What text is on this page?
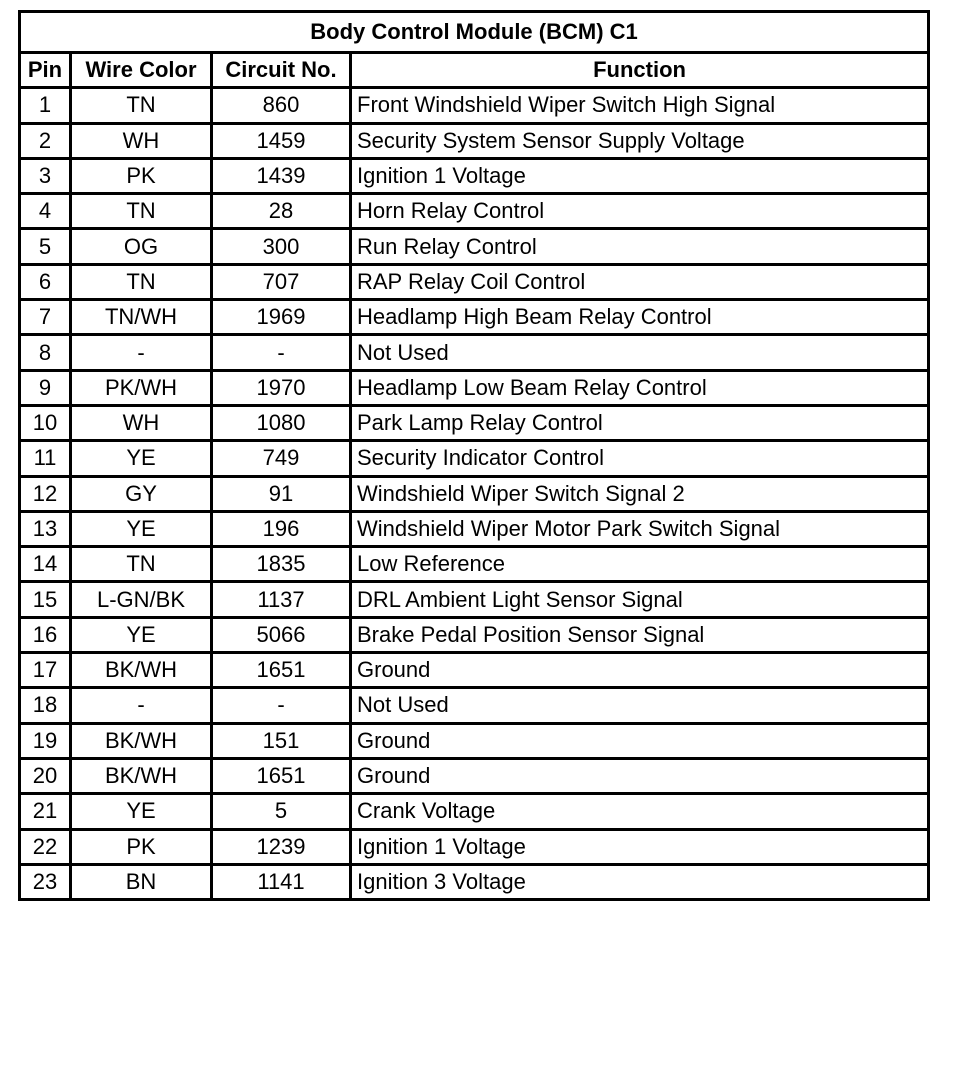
Body Control Module (BCM) C1			
Pin	Wire Color	Circuit No.	Function
1	TN	860	Front Windshield Wiper Switch High Signal
2	WH	1459	Security System Sensor Supply Voltage
3	PK	1439	Ignition 1 Voltage
4	TN	28	Horn Relay Control
5	OG	300	Run Relay Control
6	TN	707	RAP Relay Coil Control
7	TN/WH	1969	Headlamp High Beam Relay Control
8	-	-	Not Used
9	PK/WH	1970	Headlamp Low Beam Relay Control
10	WH	1080	Park Lamp Relay Control
11	YE	749	Security Indicator Control
12	GY	91	Windshield Wiper Switch Signal 2
13	YE	196	Windshield Wiper Motor Park Switch Signal
14	TN	1835	Low Reference
15	L-GN/BK	1137	DRL Ambient Light Sensor Signal
16	YE	5066	Brake Pedal Position Sensor Signal
17	BK/WH	1651	Ground
18	-	-	Not Used
19	BK/WH	151	Ground
20	BK/WH	1651	Ground
21	YE	5	Crank Voltage
22	PK	1239	Ignition 1 Voltage
23	BN	1141	Ignition 3 Voltage
